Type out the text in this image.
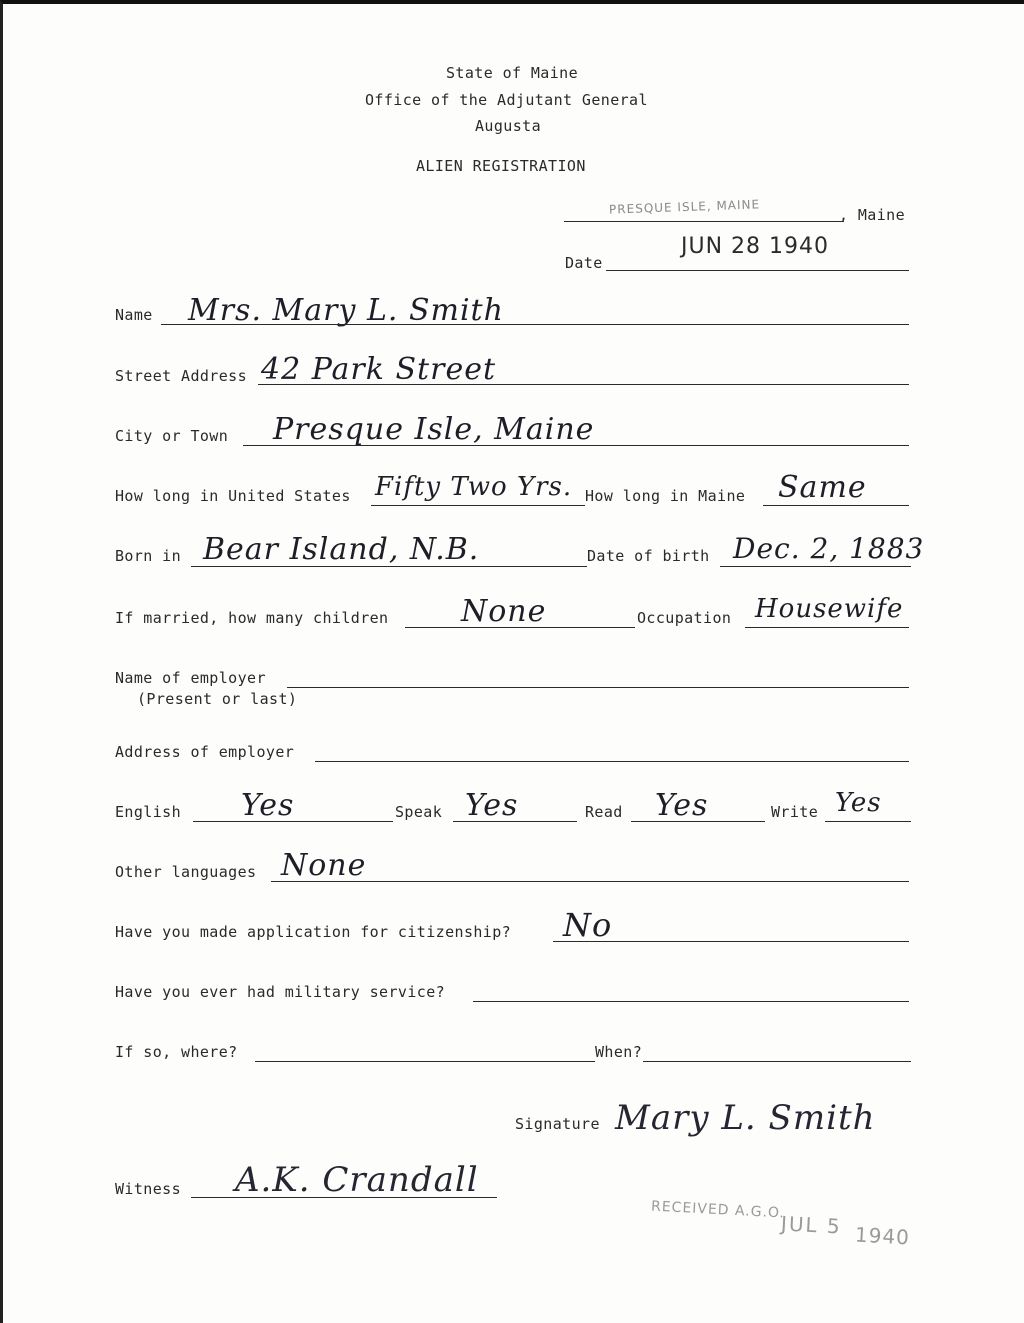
State of Maine
Office of the Adjutant General
Augusta
ALIEN REGISTRATION
PRESQUE ISLE, MAINE	, Maine
Date
JUN 28 1940
Name Mrs. Mary L. Smith
Street Address 42 Park Street
City or Town Presque Isle, Maine
How long in United States Fifty Two Yrs. How long in Maine Same
Born in Bear Island, N.B.	Date of birth Dec. 2, 1883
If married, how many children None	Occupation Housewife
Name of employer
(Present or last)
Address of employer
English Yes	Speak Yes	Read Yes	Write Yes
Other languages None
Have you made application for citizenship? No
Have you ever had military service?
If so, where?	When?
Signature Mary L. Smith
Witness A.K. Crandall
RECEIVED A.G.O.
JUL 5 1940
